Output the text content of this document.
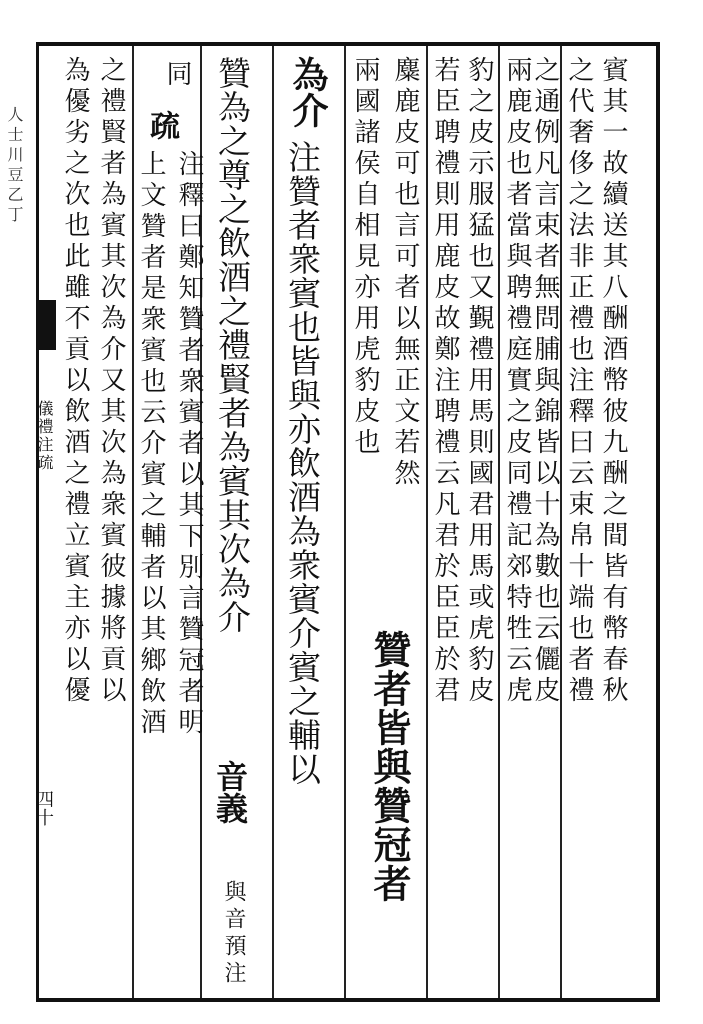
人士川豆乙丁
儀禮注疏
四十
賓其一故續送其八酬酒幣彼九酬之間皆有幣春秋
之代奢侈之法非正禮也注釋曰云束帛十端也者禮
之通例凡言束者無問脯與錦皆以十為數也云儷皮
兩鹿皮也者當與聘禮庭實之皮同禮記郊特牲云虎
豹之皮示服猛也又覲禮用馬則國君用馬或虎豹皮
若臣聘禮則用鹿皮故鄭注聘禮云凡君於臣臣於君
麋鹿皮可也言可者以無正文若然
贊者皆與贊冠者
兩國諸侯自相見亦用虎豹皮也
為介
注贊者衆賓也皆與亦飲酒為衆賓介賓之輔以
贊為之尊之飲酒之禮賢者為賓其次為介
音義
與音預注
同
疏
注釋曰鄭知贊者衆賓者以其下別言贊冠者明
上文贊者是衆賓也云介賓之輔者以其鄉飲酒
之禮賢者為賓其次為介又其次為衆賓彼據將貢以
為優劣之次也此雖不貢以飲酒之禮立賓主亦以優
